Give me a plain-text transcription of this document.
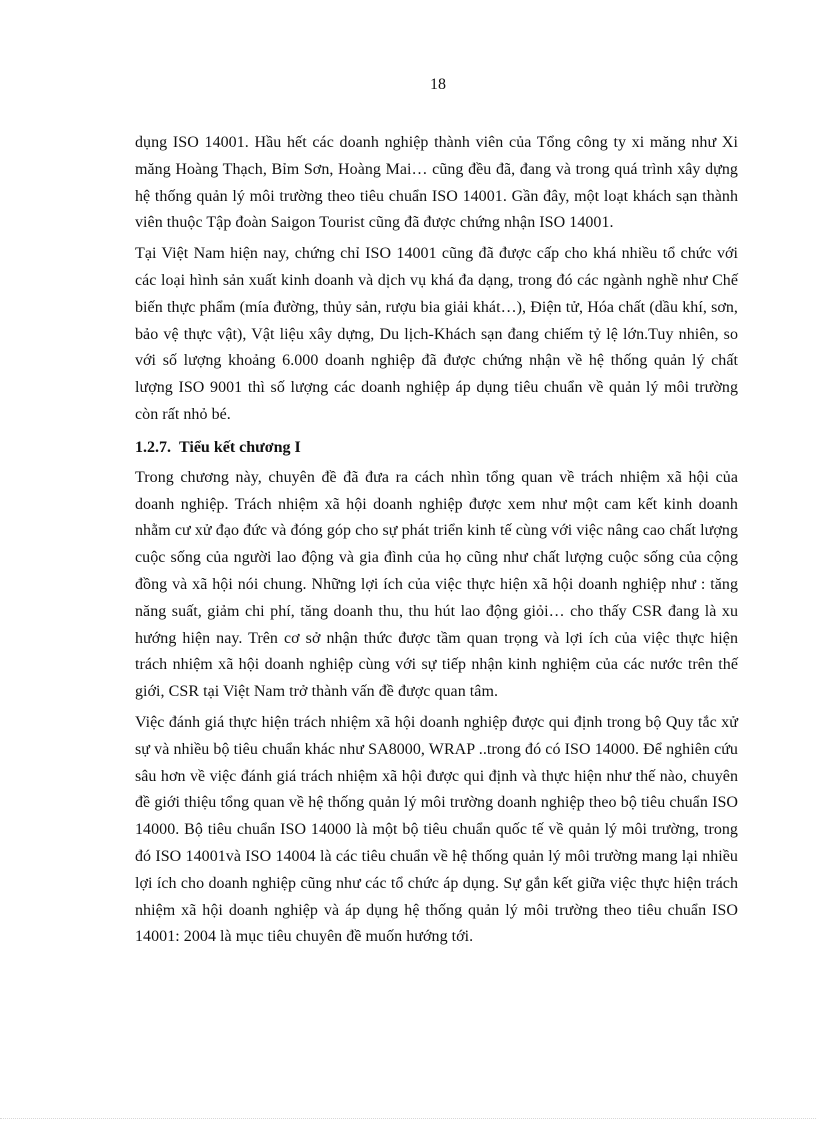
18

dụng ISO 14001. Hầu hết các doanh nghiệp thành viên của Tổng công ty xi măng như Xi măng Hoàng Thạch, Bỉm Sơn, Hoàng Mai… cũng đều đã, đang và trong quá trình xây dựng hệ thống quản lý môi trường theo tiêu chuẩn ISO 14001. Gần đây, một loạt khách sạn thành viên thuộc Tập đoàn Saigon Tourist cũng đã được chứng nhận ISO 14001.

Tại Việt Nam hiện nay, chứng chỉ ISO 14001 cũng đã được cấp cho khá nhiều tổ chức với các loại hình sản xuất kinh doanh và dịch vụ khá đa dạng, trong đó các ngành nghề như Chế biến thực phẩm (mía đường, thủy sản, rượu bia giải khát…), Điện tử, Hóa chất (dầu khí, sơn, bảo vệ thực vật), Vật liệu xây dựng, Du lịch-Khách sạn đang chiếm tỷ lệ lớn.Tuy nhiên, so với số lượng khoảng 6.000 doanh nghiệp đã được chứng nhận về hệ thống quản lý chất lượng ISO 9001 thì số lượng các doanh nghiệp áp dụng tiêu chuẩn về quản lý môi trường còn rất nhỏ bé.

1.2.7. Tiểu kết chương I

Trong chương này, chuyên đề đã đưa ra cách nhìn tổng quan về trách nhiệm xã hội của doanh nghiệp. Trách nhiệm xã hội doanh nghiệp được xem như một cam kết kinh doanh nhằm cư xử đạo đức và đóng góp cho sự phát triển kinh tế cùng với việc nâng cao chất lượng cuộc sống của người lao động và gia đình của họ cũng như chất lượng cuộc sống của cộng đồng và xã hội nói chung. Những lợi ích của việc thực hiện xã hội doanh nghiệp như : tăng năng suất, giảm chi phí, tăng doanh thu, thu hút lao động giỏi… cho thấy CSR đang là xu hướng hiện nay. Trên cơ sở nhận thức được tầm quan trọng và lợi ích của việc thực hiện trách nhiệm xã hội doanh nghiệp cùng với sự tiếp nhận kinh nghiệm của các nước trên thế giới, CSR tại Việt Nam trở thành vấn đề được quan tâm.

Việc đánh giá thực hiện trách nhiệm xã hội doanh nghiệp được qui định trong bộ Quy tắc xử sự và nhiều bộ tiêu chuẩn khác như SA8000, WRAP ..trong đó có ISO 14000. Để nghiên cứu sâu hơn về việc đánh giá trách nhiệm xã hội được qui định và thực hiện như thế nào, chuyên đề giới thiệu tổng quan về hệ thống quản lý môi trường doanh nghiệp theo bộ tiêu chuẩn ISO 14000. Bộ tiêu chuẩn ISO 14000 là một bộ tiêu chuẩn quốc tế về quản lý môi trường, trong đó ISO 14001và ISO 14004 là các tiêu chuẩn về hệ thống quản lý môi trường mang lại nhiều lợi ích cho doanh nghiệp cũng như các tổ chức áp dụng. Sự gắn kết giữa việc thực hiện trách nhiệm xã hội doanh nghiệp và áp dụng hệ thống quản lý môi trường theo tiêu chuẩn ISO 14001: 2004 là mục tiêu chuyên đề muốn hướng tới.
